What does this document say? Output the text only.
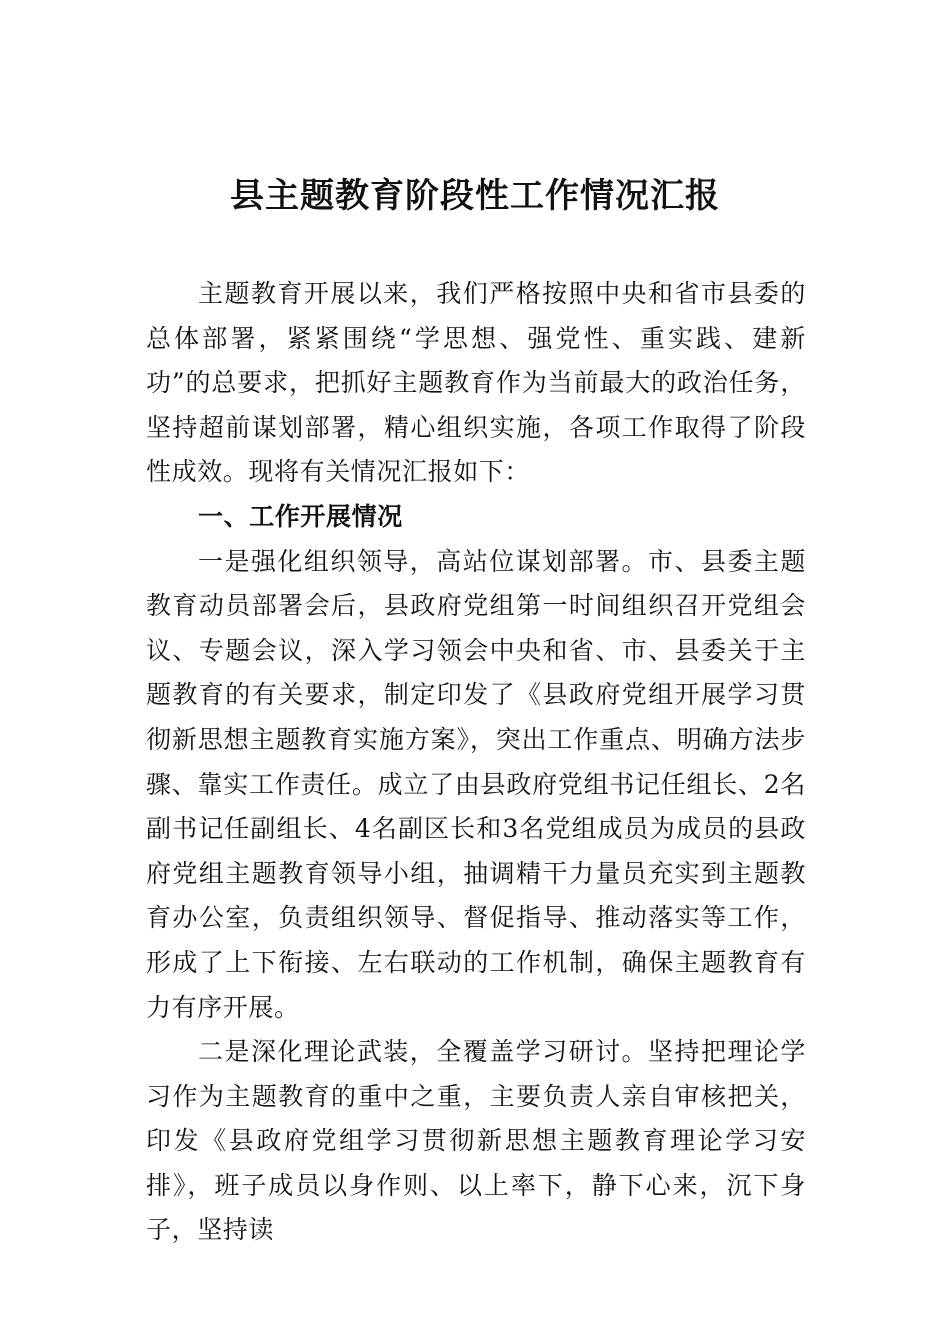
县主题教育阶段性工作情况汇报

主题教育开展以来，我们严格按照中央和省市县委的总体部署，紧紧围绕“学思想、强党性、重实践、建新功”的总要求，把抓好主题教育作为当前最大的政治任务，坚持超前谋划部署，精心组织实施，各项工作取得了阶段性成效。现将有关情况汇报如下：

一、工作开展情况

一是强化组织领导，高站位谋划部署。市、县委主题教育动员部署会后，县政府党组第一时间组织召开党组会议、专题会议，深入学习领会中央和省、市、县委关于主题教育的有关要求，制定印发了《县政府党组开展学习贯彻新思想主题教育实施方案》，突出工作重点、明确方法步骤、靠实工作责任。成立了由县政府党组书记任组长、2名副书记任副组长、4名副区长和3名党组成员为成员的县政府党组主题教育领导小组，抽调精干力量员充实到主题教育办公室，负责组织领导、督促指导、推动落实等工作，形成了上下衔接、左右联动的工作机制，确保主题教育有力有序开展。

二是深化理论武装，全覆盖学习研讨。坚持把理论学习作为主题教育的重中之重，主要负责人亲自审核把关，印发《县政府党组学习贯彻新思想主题教育理论学习安排》，班子成员以身作则、以上率下，静下心来，沉下身子，坚持读
